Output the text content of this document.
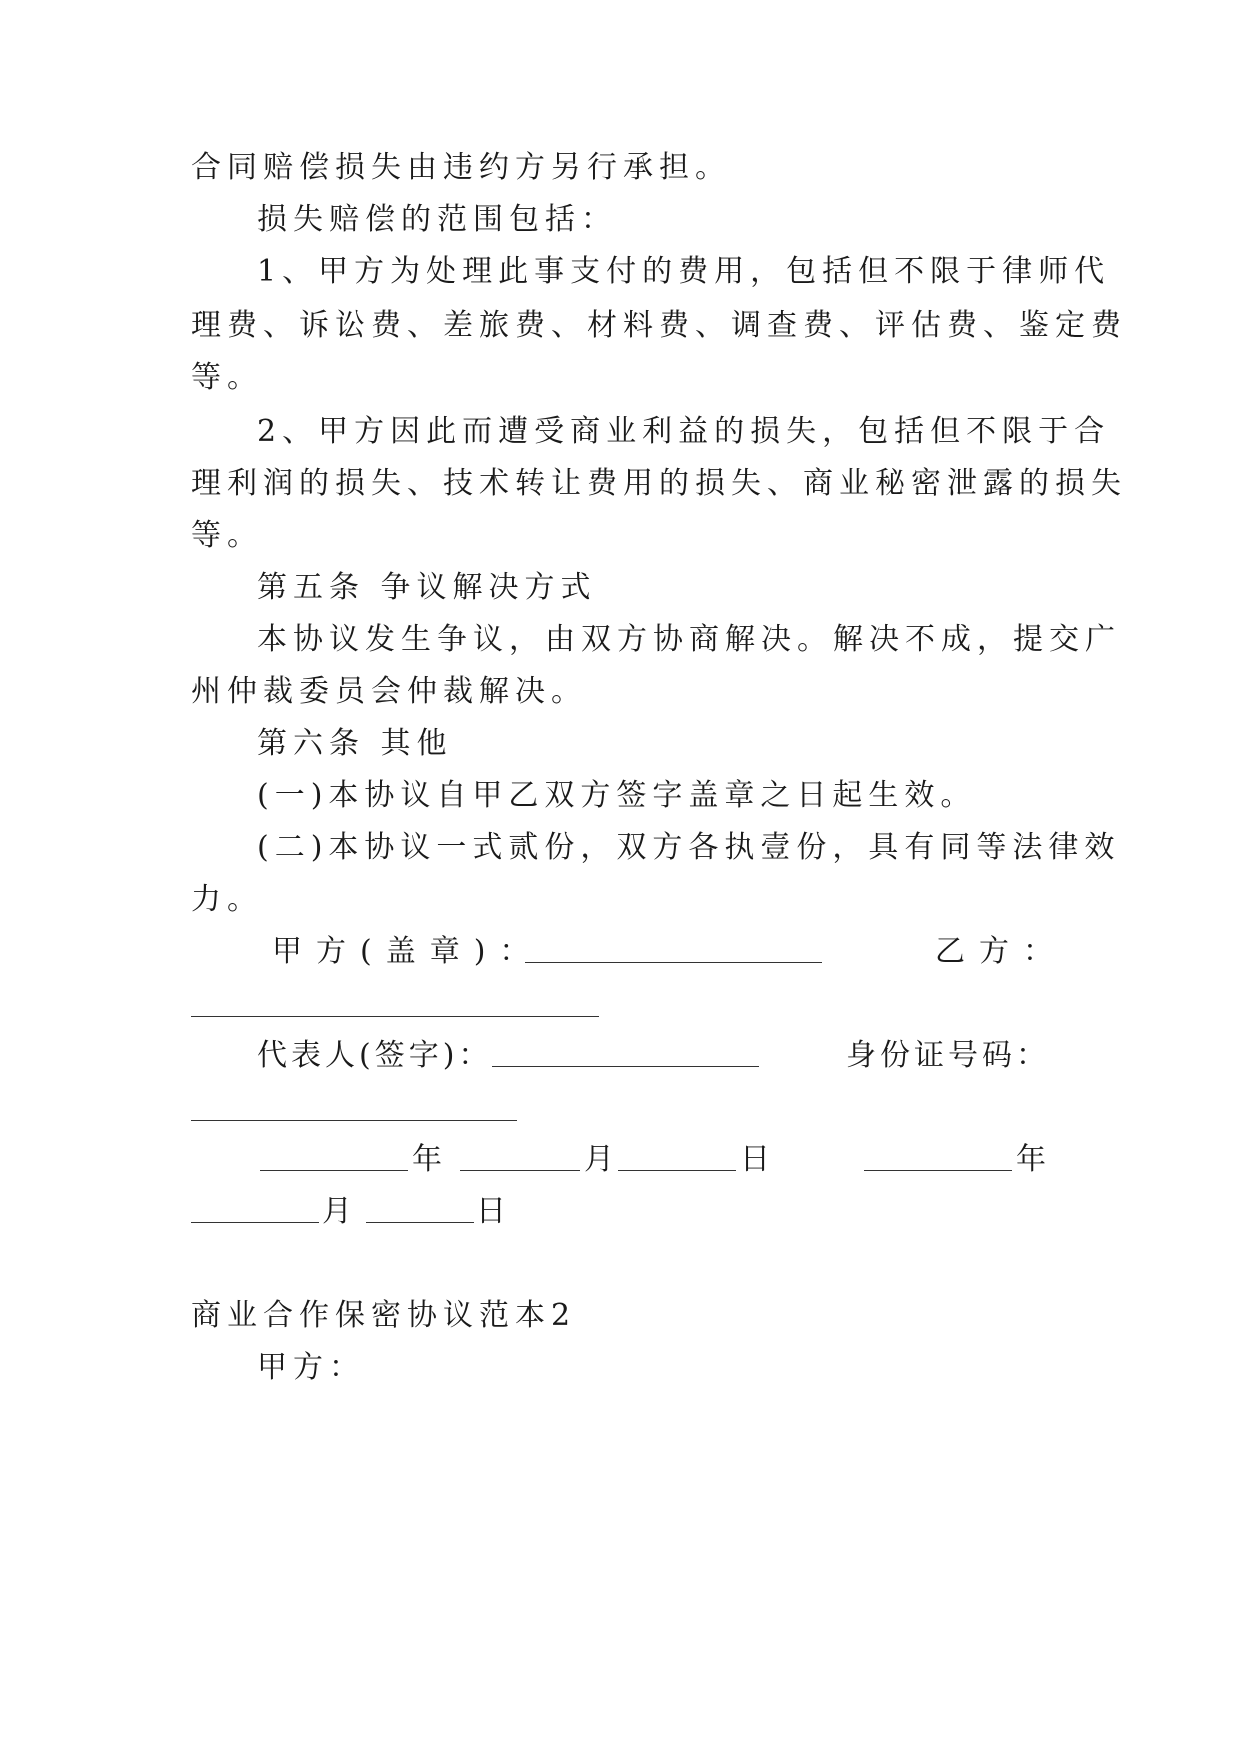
合同赔偿损失由违约方另行承担。
损失赔偿的范围包括：
1、甲方为处理此事支付的费用，包括但不限于律师代
理费、诉讼费、差旅费、材料费、调查费、评估费、鉴定费
等。
2、甲方因此而遭受商业利益的损失，包括但不限于合
理利润的损失、技术转让费用的损失、商业秘密泄露的损失
等。
第五条 争议解决方式
本协议发生争议，由双方协商解决。解决不成，提交广
州仲裁委员会仲裁解决。
第六条 其他
(一)本协议自甲乙双方签字盖章之日起生效。
(二)本协议一式贰份，双方各执壹份，具有同等法律效
力。
甲方(盖章)：	乙方：
代表人(签字)：	身份证号码：
年	月	日	年
月	日
商业合作保密协议范本2
甲方：
